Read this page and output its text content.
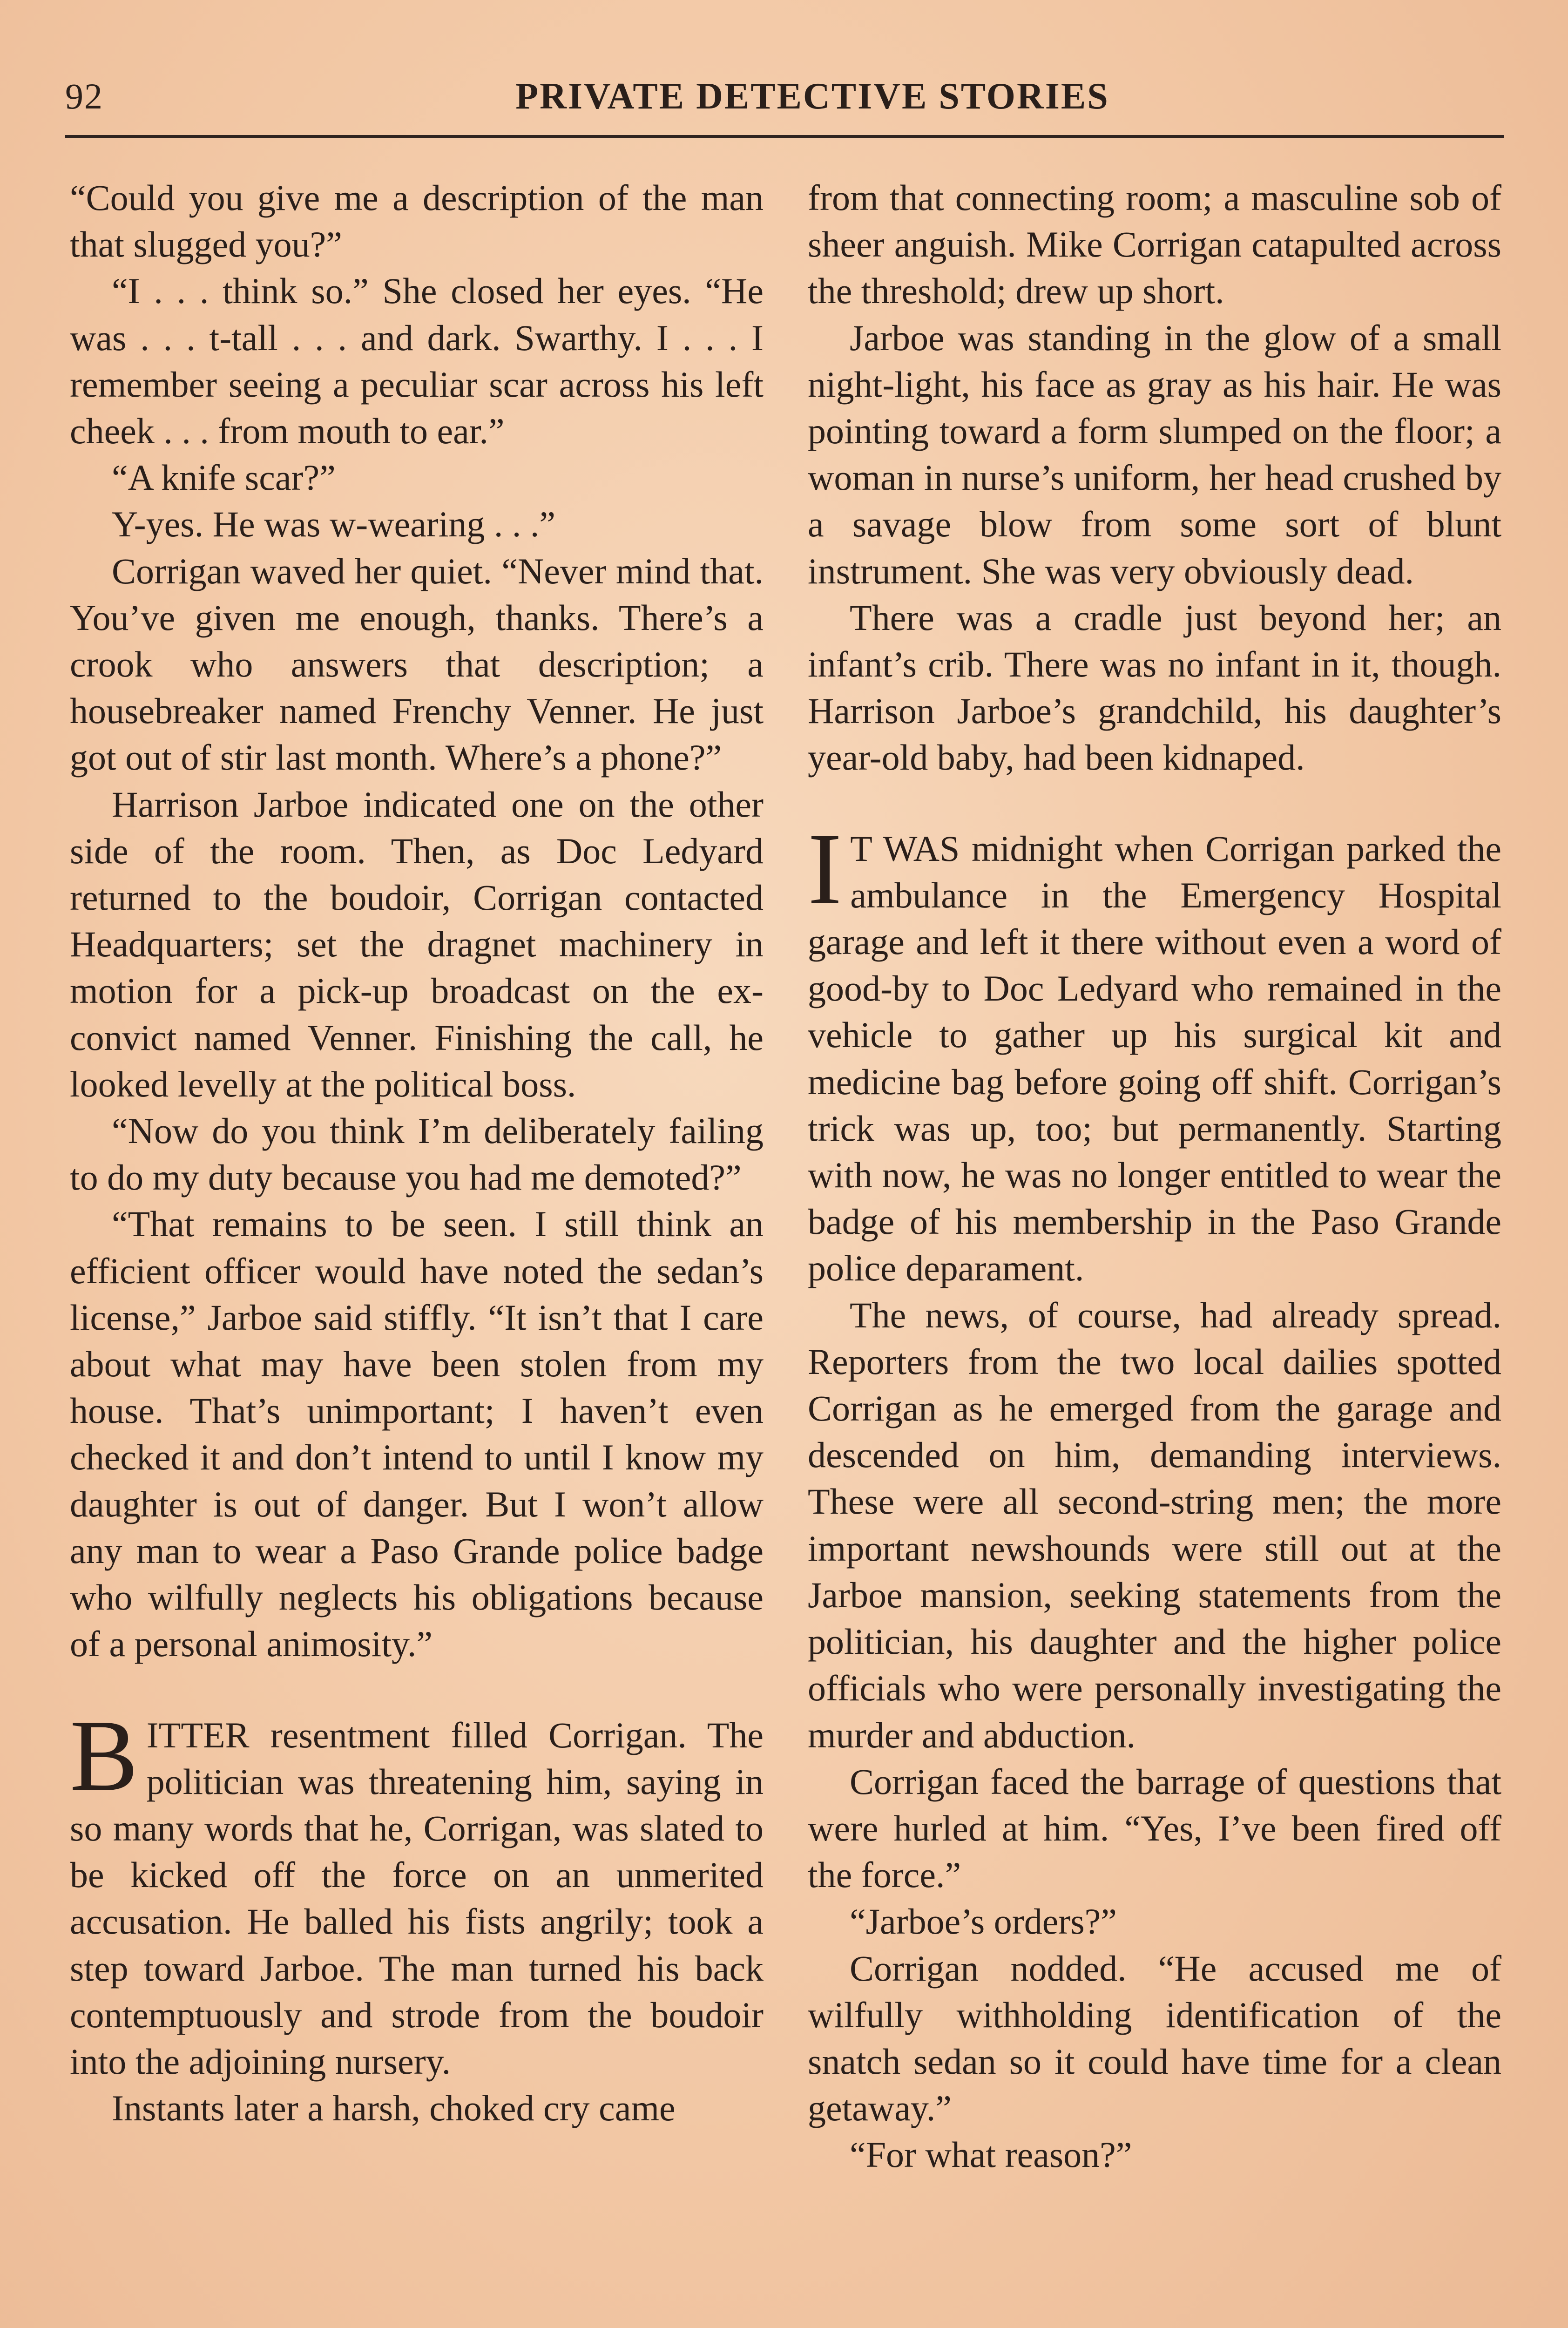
92	PRIVATE DETECTIVE STORIES

“Could you give me a description of the man that slugged you?”

“I . . . think so.” She closed her eyes. “He was . . . t-tall . . . and dark. Swarthy. I . . . I remember seeing a peculiar scar across his left cheek . . . from mouth to ear.”

“A knife scar?”

Y-yes. He was w-wearing . . .”

Corrigan waved her quiet. “Never mind that. You’ve given me enough, thanks. There’s a crook who answers that description; a housebreaker named Frenchy Venner. He just got out of stir last month. Where’s a phone?”

Harrison Jarboe indicated one on the other side of the room. Then, as Doc Ledyard returned to the boudoir, Corrigan contacted Headquarters; set the dragnet machinery in motion for a pick-up broadcast on the ex-convict named Venner. Finishing the call, he looked levelly at the political boss.

“Now do you think I’m deliberately failing to do my duty because you had me demoted?”

“That remains to be seen. I still think an efficient officer would have noted the sedan’s license,” Jarboe said stiffly. “It isn’t that I care about what may have been stolen from my house. That’s unimportant; I haven’t even checked it and don’t intend to until I know my daughter is out of danger. But I won’t allow any man to wear a Paso Grande police badge who wilfully neglects his obligations because of a personal animosity.”

BITTER resentment filled Corrigan. The politician was threatening him, saying in so many words that he, Corrigan, was slated to be kicked off the force on an unmerited accusation. He balled his fists angrily; took a step toward Jarboe. The man turned his back contemptuously and strode from the boudoir into the adjoining nursery.

Instants later a harsh, choked cry came

from that connecting room; a masculine sob of sheer anguish. Mike Corrigan catapulted across the threshold; drew up short.

Jarboe was standing in the glow of a small night-light, his face as gray as his hair. He was pointing toward a form slumped on the floor; a woman in nurse’s uniform, her head crushed by a savage blow from some sort of blunt instrument. She was very obviously dead.

There was a cradle just beyond her; an infant’s crib. There was no infant in it, though. Harrison Jarboe’s grandchild, his daughter’s year-old baby, had been kidnaped.

I T WAS midnight when Corrigan parked the ambulance in the Emergency Hospital garage and left it there without even a word of good-by to Doc Ledyard who remained in the vehicle to gather up his surgical kit and medicine bag before going off shift. Corrigan’s trick was up, too; but permanently. Starting with now, he was no longer entitled to wear the badge of his membership in the Paso Grande police deparament.

The news, of course, had already spread. Reporters from the two local dailies spotted Corrigan as he emerged from the garage and descended on him, demanding interviews. These were all second-string men; the more important newshounds were still out at the Jarboe mansion, seeking statements from the politician, his daughter and the higher police officials who were personally investigating the murder and abduction.

Corrigan faced the barrage of questions that were hurled at him. “Yes, I’ve been fired off the force.”

“Jarboe’s orders?”

Corrigan nodded. “He accused me of wilfully withholding identification of the snatch sedan so it could have time for a clean getaway.”

“For what reason?”
